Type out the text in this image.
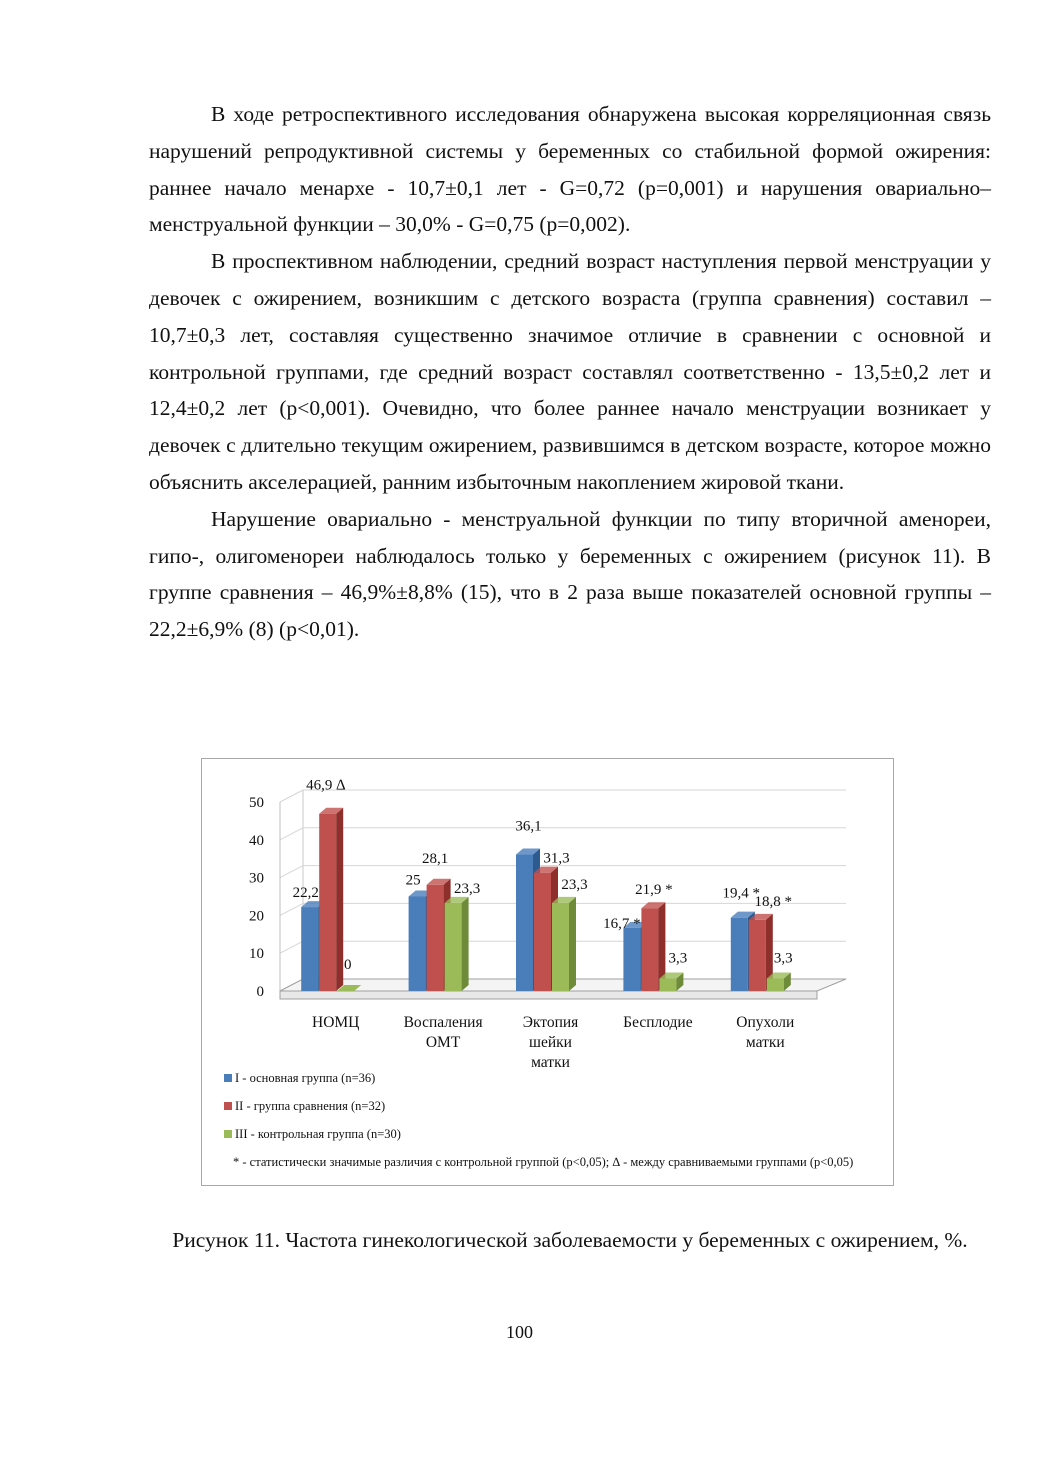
В ходе ретроспективного исследования обнаружена высокая корреляционная связь нарушений репродуктивной системы у беременных со стабильной формой ожирения: раннее начало менархе - 10,7±0,1 лет - G=0,72 (р=0,001) и нарушения овариально–менструальной функции – 30,0% - G=0,75 (р=0,002).

В проспективном наблюдении, средний возраст наступления первой менструации у девочек с ожирением, возникшим с детского возраста (группа сравнения) составил – 10,7±0,3 лет, составляя существенно значимое отличие в сравнении с основной и контрольной группами, где средний возраст составлял соответственно - 13,5±0,2 лет и 12,4±0,2 лет (p<0,001). Очевидно, что более раннее начало менструации возникает у девочек с длительно текущим ожирением, развившимся в детском возрасте, которое можно объяснить акселерацией, ранним избыточным накоплением жировой ткани.

Нарушение овариально - менструальной функции по типу вторичной аменореи, гипо-, олигоменореи наблюдалось только у беременных с ожирением (рисунок 11). В группе сравнения – 46,9%±8,8% (15), что в 2 раза выше показателей основной группы – 22,2±6,9% (8) (p<0,01).

0
10
20
30
40
50
22,2
46,9 ∆
0
НОМЦ
25
28,1
23,3
Воспаления
ОМТ
36,1
31,3
23,3
Эктопия
шейки
матки
16,7 *
21,9 *
3,3
Бесплодие
19,4 *
18,8 *
3,3
Опухоли
матки
I - основная группа (n=36)
II - группа сравнения (n=32)
III - контрольная группа (n=30)
* - статистически значимые различия с контрольной группой (p<0,05); ∆ - между сравниваемыми группами (p<0,05)
Рисунок 11. Частота гинекологической заболеваемости у беременных с ожирением, %.
100
